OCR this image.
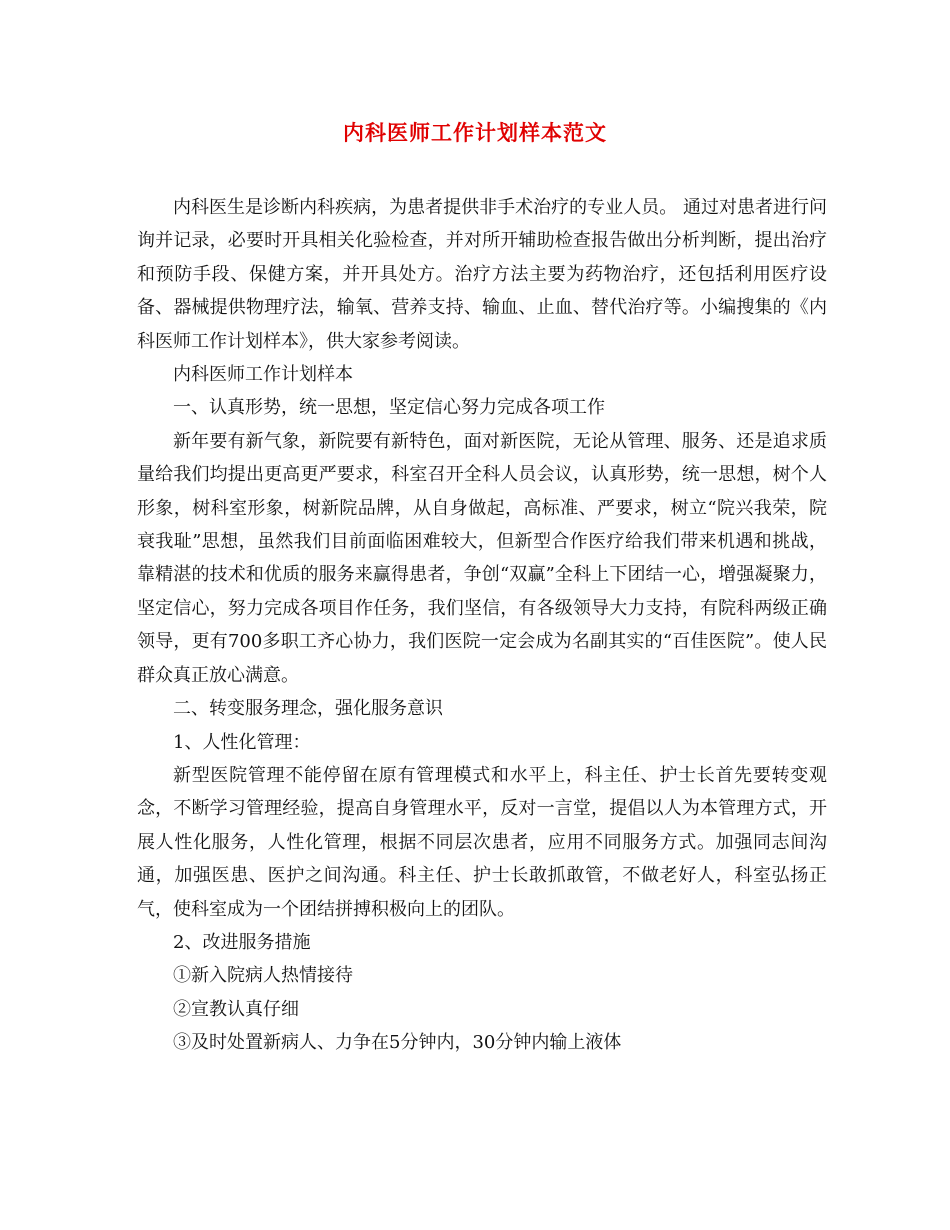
内科医师工作计划样本范文

内科医生是诊断内科疾病，为患者提供非手术治疗的专业人员。 通过对患者进行问询并记录，必要时开具相关化验检查，并对所开辅助检查报告做出分析判断，提出治疗和预防手段、保健方案，并开具处方。治疗方法主要为药物治疗，还包括利用医疗设备、器械提供物理疗法，输氧、营养支持、输血、止血、替代治疗等。小编搜集的《内科医师工作计划样本》，供大家参考阅读。

内科医师工作计划样本

一、认真形势，统一思想，坚定信心努力完成各项工作

新年要有新气象，新院要有新特色，面对新医院，无论从管理、服务、还是追求质量给我们均提出更高更严要求，科室召开全科人员会议，认真形势，统一思想，树个人形象，树科室形象，树新院品牌，从自身做起，高标准、严要求，树立“院兴我荣，院衰我耻”思想，虽然我们目前面临困难较大，但新型合作医疗给我们带来机遇和挑战，靠精湛的技术和优质的服务来赢得患者，争创“双赢”全科上下团结一心，增强凝聚力，坚定信心，努力完成各项目作任务，我们坚信，有各级领导大力支持，有院科两级正确领导，更有700多职工齐心协力，我们医院一定会成为名副其实的“百佳医院”。使人民群众真正放心满意。

二、转变服务理念，强化服务意识

1、人性化管理：

新型医院管理不能停留在原有管理模式和水平上，科主任、护士长首先要转变观念，不断学习管理经验，提高自身管理水平，反对一言堂，提倡以人为本管理方式，开展人性化服务，人性化管理，根据不同层次患者，应用不同服务方式。加强同志间沟通，加强医患、医护之间沟通。科主任、护士长敢抓敢管，不做老好人，科室弘扬正气，使科室成为一个团结拼搏积极向上的团队。

2、改进服务措施

①新入院病人热情接待

②宣教认真仔细

③及时处置新病人、力争在5分钟内，30分钟内输上液体
